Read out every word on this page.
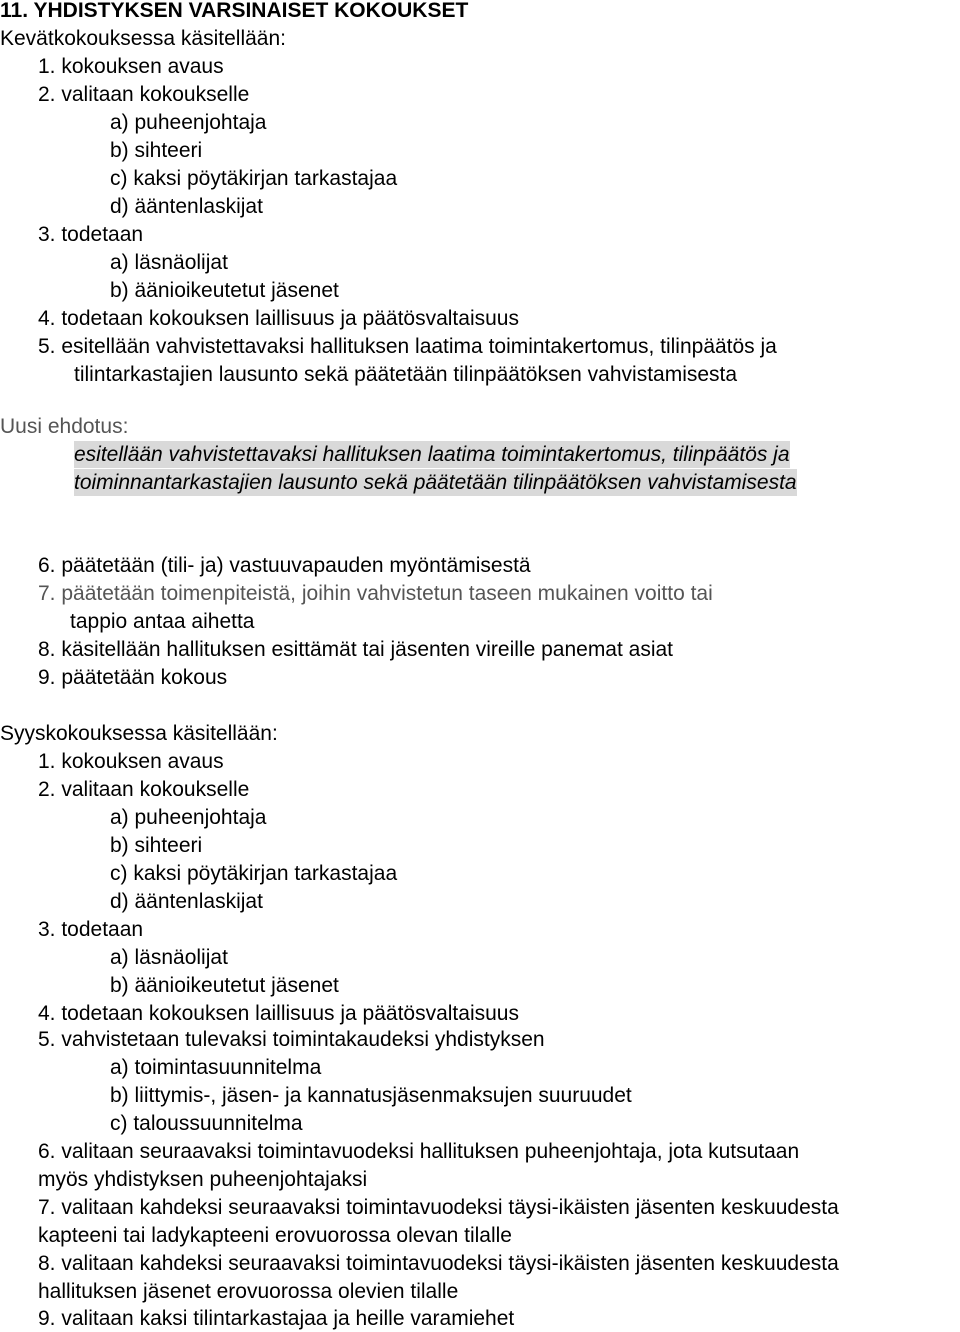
11. YHDISTYKSEN VARSINAISET KOKOUKSET
Kevätkokouksessa käsitellään:
1. kokouksen avaus
2. valitaan kokoukselle
a) puheenjohtaja
b) sihteeri
c) kaksi pöytäkirjan tarkastajaa
d) ääntenlaskijat
3. todetaan
a) läsnäolijat
b) äänioikeutetut jäsenet
4. todetaan kokouksen laillisuus ja päätösvaltaisuus
5. esitellään vahvistettavaksi hallituksen laatima toimintakertomus, tilinpäätös ja
tilintarkastajien lausunto sekä päätetään tilinpäätöksen vahvistamisesta
Uusi ehdotus:
esitellään vahvistettavaksi hallituksen laatima toimintakertomus, tilinpäätös ja
toiminnantarkastajien lausunto sekä päätetään tilinpäätöksen vahvistamisesta
6. päätetään (tili- ja) vastuuvapauden myöntämisestä
7. päätetään toimenpiteistä, joihin vahvistetun taseen mukainen voitto tai
tappio antaa aihetta
8. käsitellään hallituksen esittämät tai jäsenten vireille panemat asiat
9. päätetään kokous
Syyskokouksessa käsitellään:
1. kokouksen avaus
2. valitaan kokoukselle
a) puheenjohtaja
b) sihteeri
c) kaksi pöytäkirjan tarkastajaa
d) ääntenlaskijat
3. todetaan
a) läsnäolijat
b) äänioikeutetut jäsenet
4. todetaan kokouksen laillisuus ja päätösvaltaisuus
5. vahvistetaan tulevaksi toimintakaudeksi yhdistyksen
a) toimintasuunnitelma
b) liittymis-, jäsen- ja kannatusjäsenmaksujen suuruudet
c) taloussuunnitelma
6. valitaan seuraavaksi toimintavuodeksi hallituksen puheenjohtaja, jota kutsutaan
myös yhdistyksen puheenjohtajaksi
7. valitaan kahdeksi seuraavaksi toimintavuodeksi täysi-ikäisten jäsenten keskuudesta
kapteeni tai ladykapteeni erovuorossa olevan tilalle
8. valitaan kahdeksi seuraavaksi toimintavuodeksi täysi-ikäisten jäsenten keskuudesta
hallituksen jäsenet erovuorossa olevien tilalle
9. valitaan kaksi tilintarkastajaa ja heille varamiehet
